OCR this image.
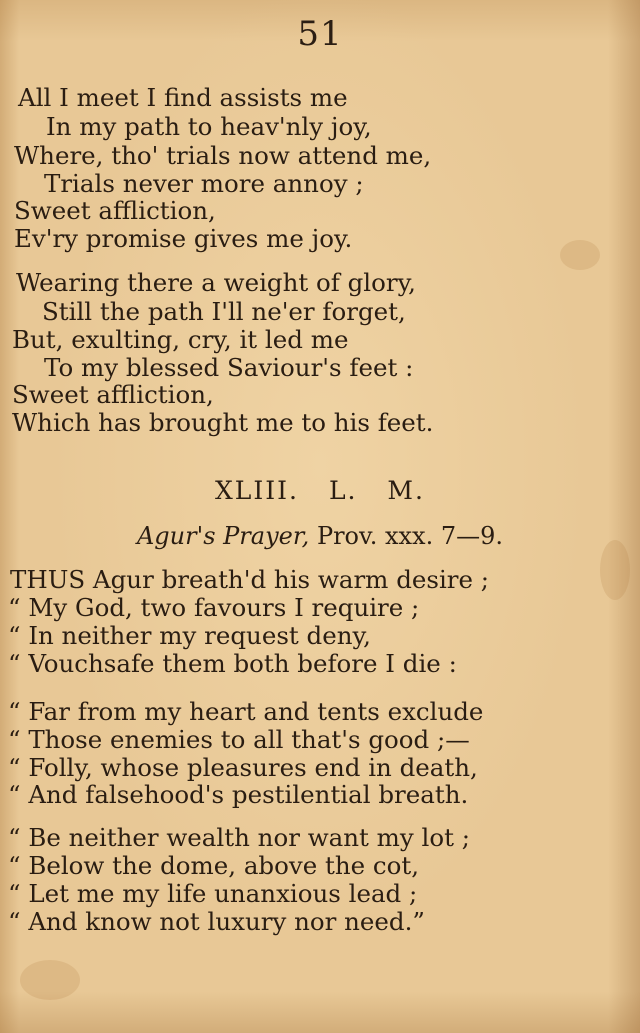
51
All I meet I find assists me
In my path to heav'nly joy,
Where, tho' trials now attend me,
Trials never more annoy ;
Sweet affliction,
Ev'ry promise gives me joy.
Wearing there a weight of glory,
Still the path I'll ne'er forget,
But, exulting, cry, it led me
To my blessed Saviour's feet :
Sweet affliction,
Which has brought me to his feet.
XLIII. L. M.
Agur's Prayer, Prov. xxx. 7—9.
THUS Agur breath'd his warm desire ;
“ My God, two favours I require ;
“ In neither my request deny,
“ Vouchsafe them both before I die :
“ Far from my heart and tents exclude
“ Those enemies to all that's good ;—
“ Folly, whose pleasures end in death,
“ And falsehood's pestilential breath.
“ Be neither wealth nor want my lot ;
“ Below the dome, above the cot,
“ Let me my life unanxious lead ;
“ And know not luxury nor need.”
